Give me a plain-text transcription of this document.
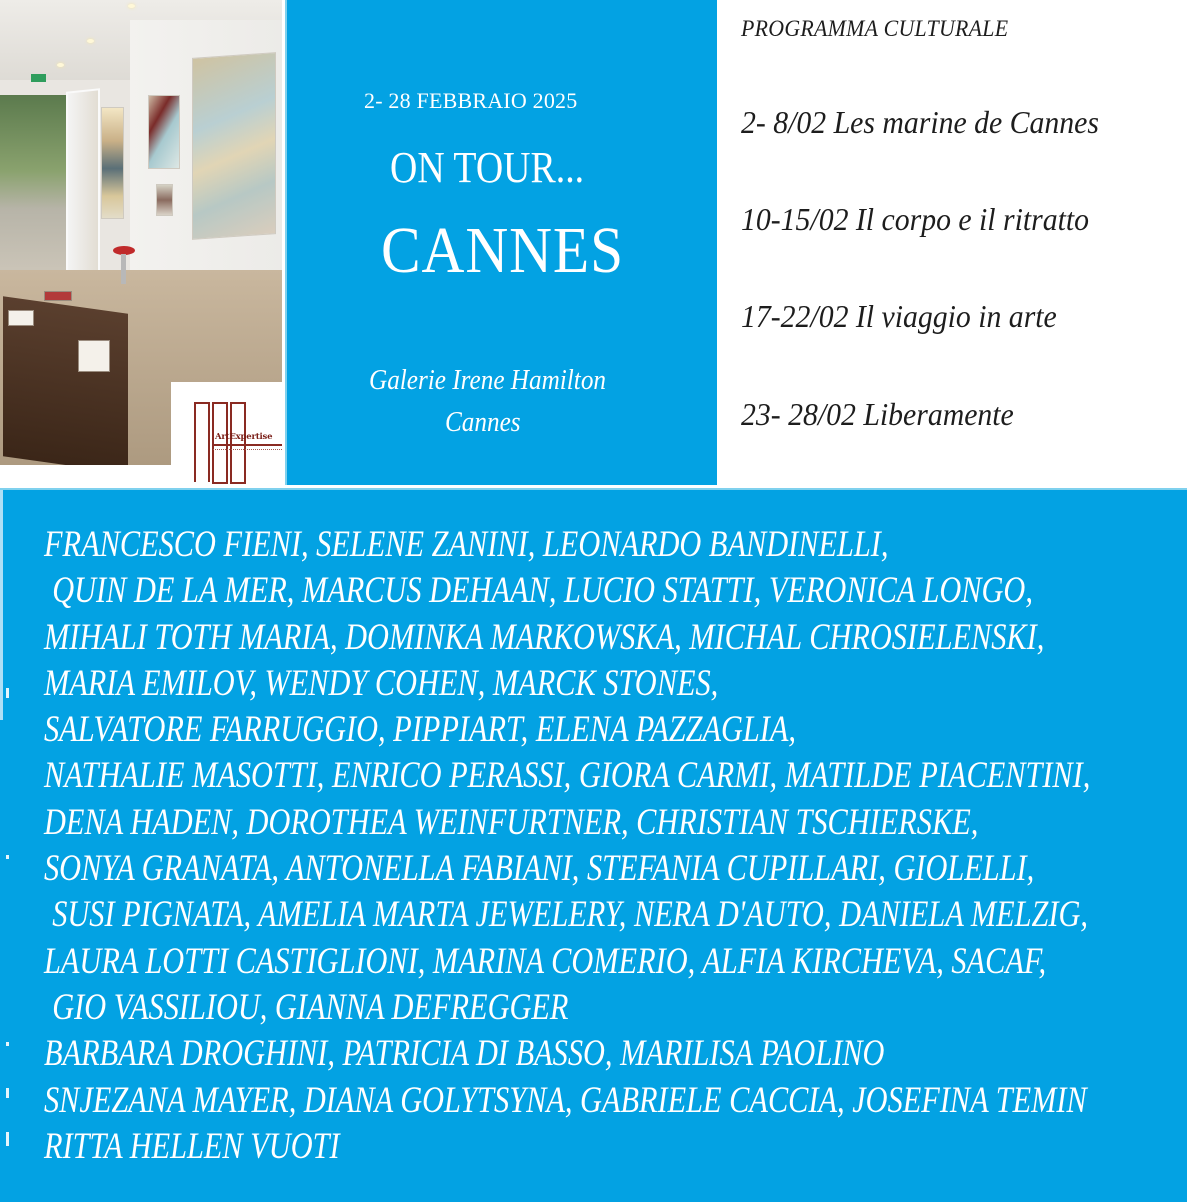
ArtExpertise
2- 28 FEBBRAIO 2025
ON TOUR...
CANNES
Galerie Irene Hamilton
Cannes
PROGRAMMA CULTURALE
2- 8/02 Les marine de Cannes
10-15/02 Il corpo e il ritratto
17-22/02 Il viaggio in arte
23- 28/02 Liberamente
FRANCESCO FIENI, SELENE ZANINI, LEONARDO BANDINELLI,
QUIN DE LA MER, MARCUS DEHAAN, LUCIO STATTI, VERONICA LONGO,
MIHALI TOTH MARIA, DOMINKA MARKOWSKA, MICHAL CHROSIELENSKI,
MARIA EMILOV, WENDY COHEN, MARCK STONES,
SALVATORE FARRUGGIO, PIPPIART, ELENA PAZZAGLIA,
NATHALIE MASOTTI, ENRICO PERASSI, GIORA CARMI, MATILDE PIACENTINI,
DENA HADEN, DOROTHEA WEINFURTNER, CHRISTIAN TSCHIERSKE,
SONYA GRANATA, ANTONELLA FABIANI, STEFANIA CUPILLARI, GIOLELLI,
SUSI PIGNATA, AMELIA MARTA JEWELERY, NERA D'AUTO, DANIELA MELZIG,
LAURA LOTTI CASTIGLIONI, MARINA COMERIO, ALFIA KIRCHEVA, SACAF,
GIO VASSILIOU, GIANNA DEFREGGER
BARBARA DROGHINI, PATRICIA DI BASSO, MARILISA PAOLINO
SNJEZANA MAYER, DIANA GOLYTSYNA, GABRIELE CACCIA, JOSEFINA TEMIN
RITTA HELLEN VUOTI
